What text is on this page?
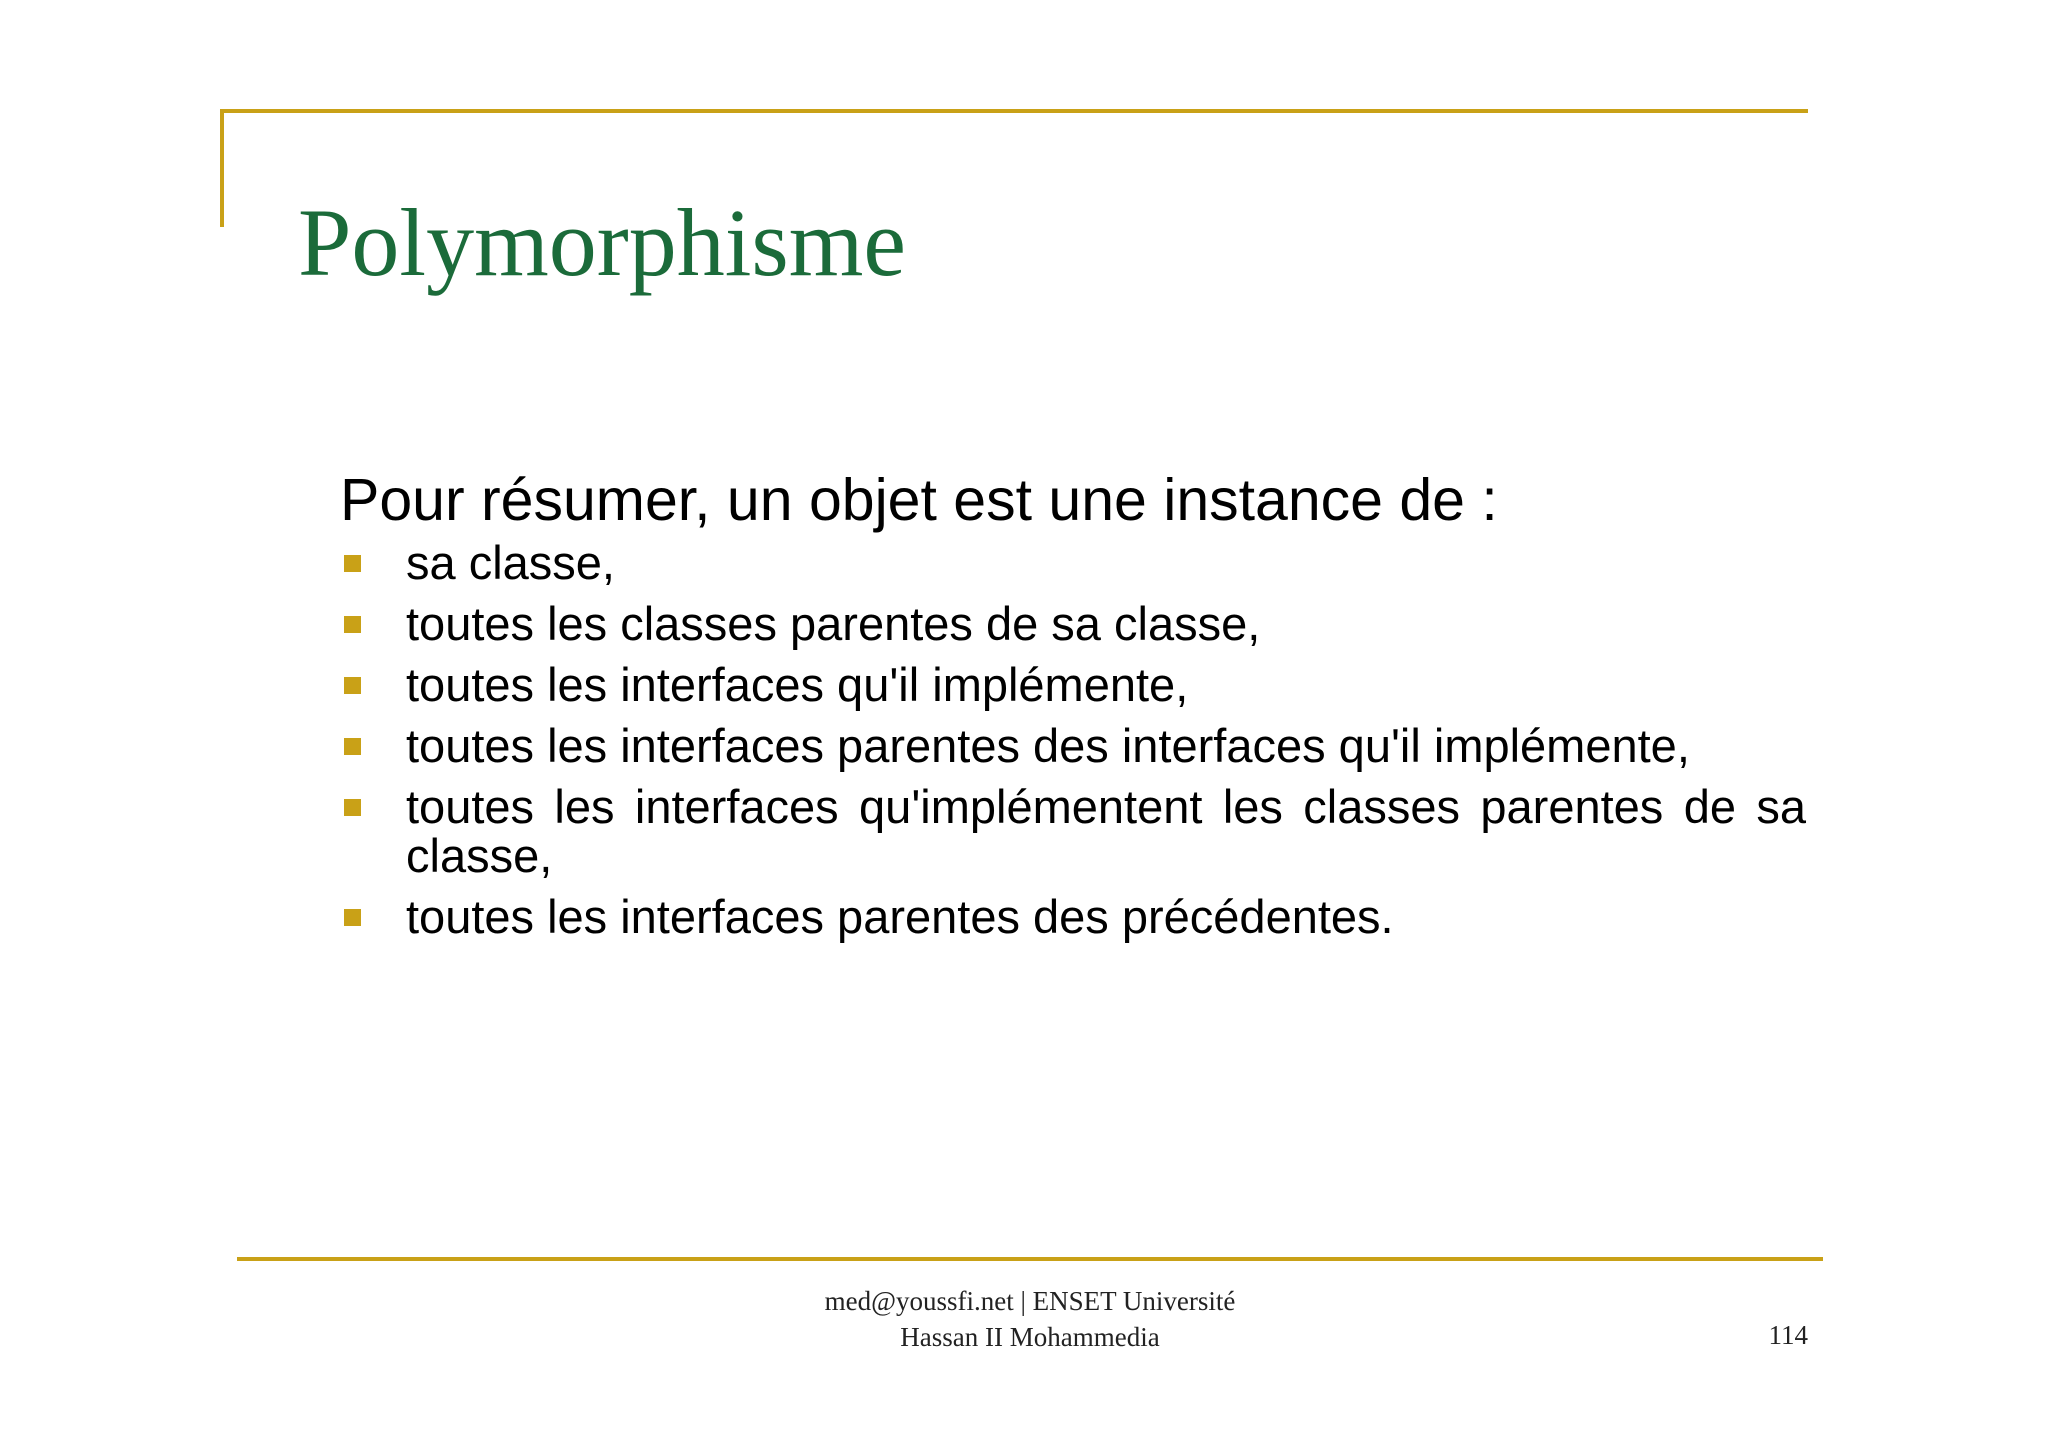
Polymorphisme

Pour résumer, un objet est une instance de :

sa classe,
toutes les classes parentes de sa classe,
toutes les interfaces qu'il implémente,
toutes les interfaces parentes des interfaces qu'il implémente,
toutes les interfaces qu'implémentent les classes parentes de sa classe,
toutes les interfaces parentes des précédentes.
med@youssfi.net | ENSET Université
Hassan II Mohammedia	114
